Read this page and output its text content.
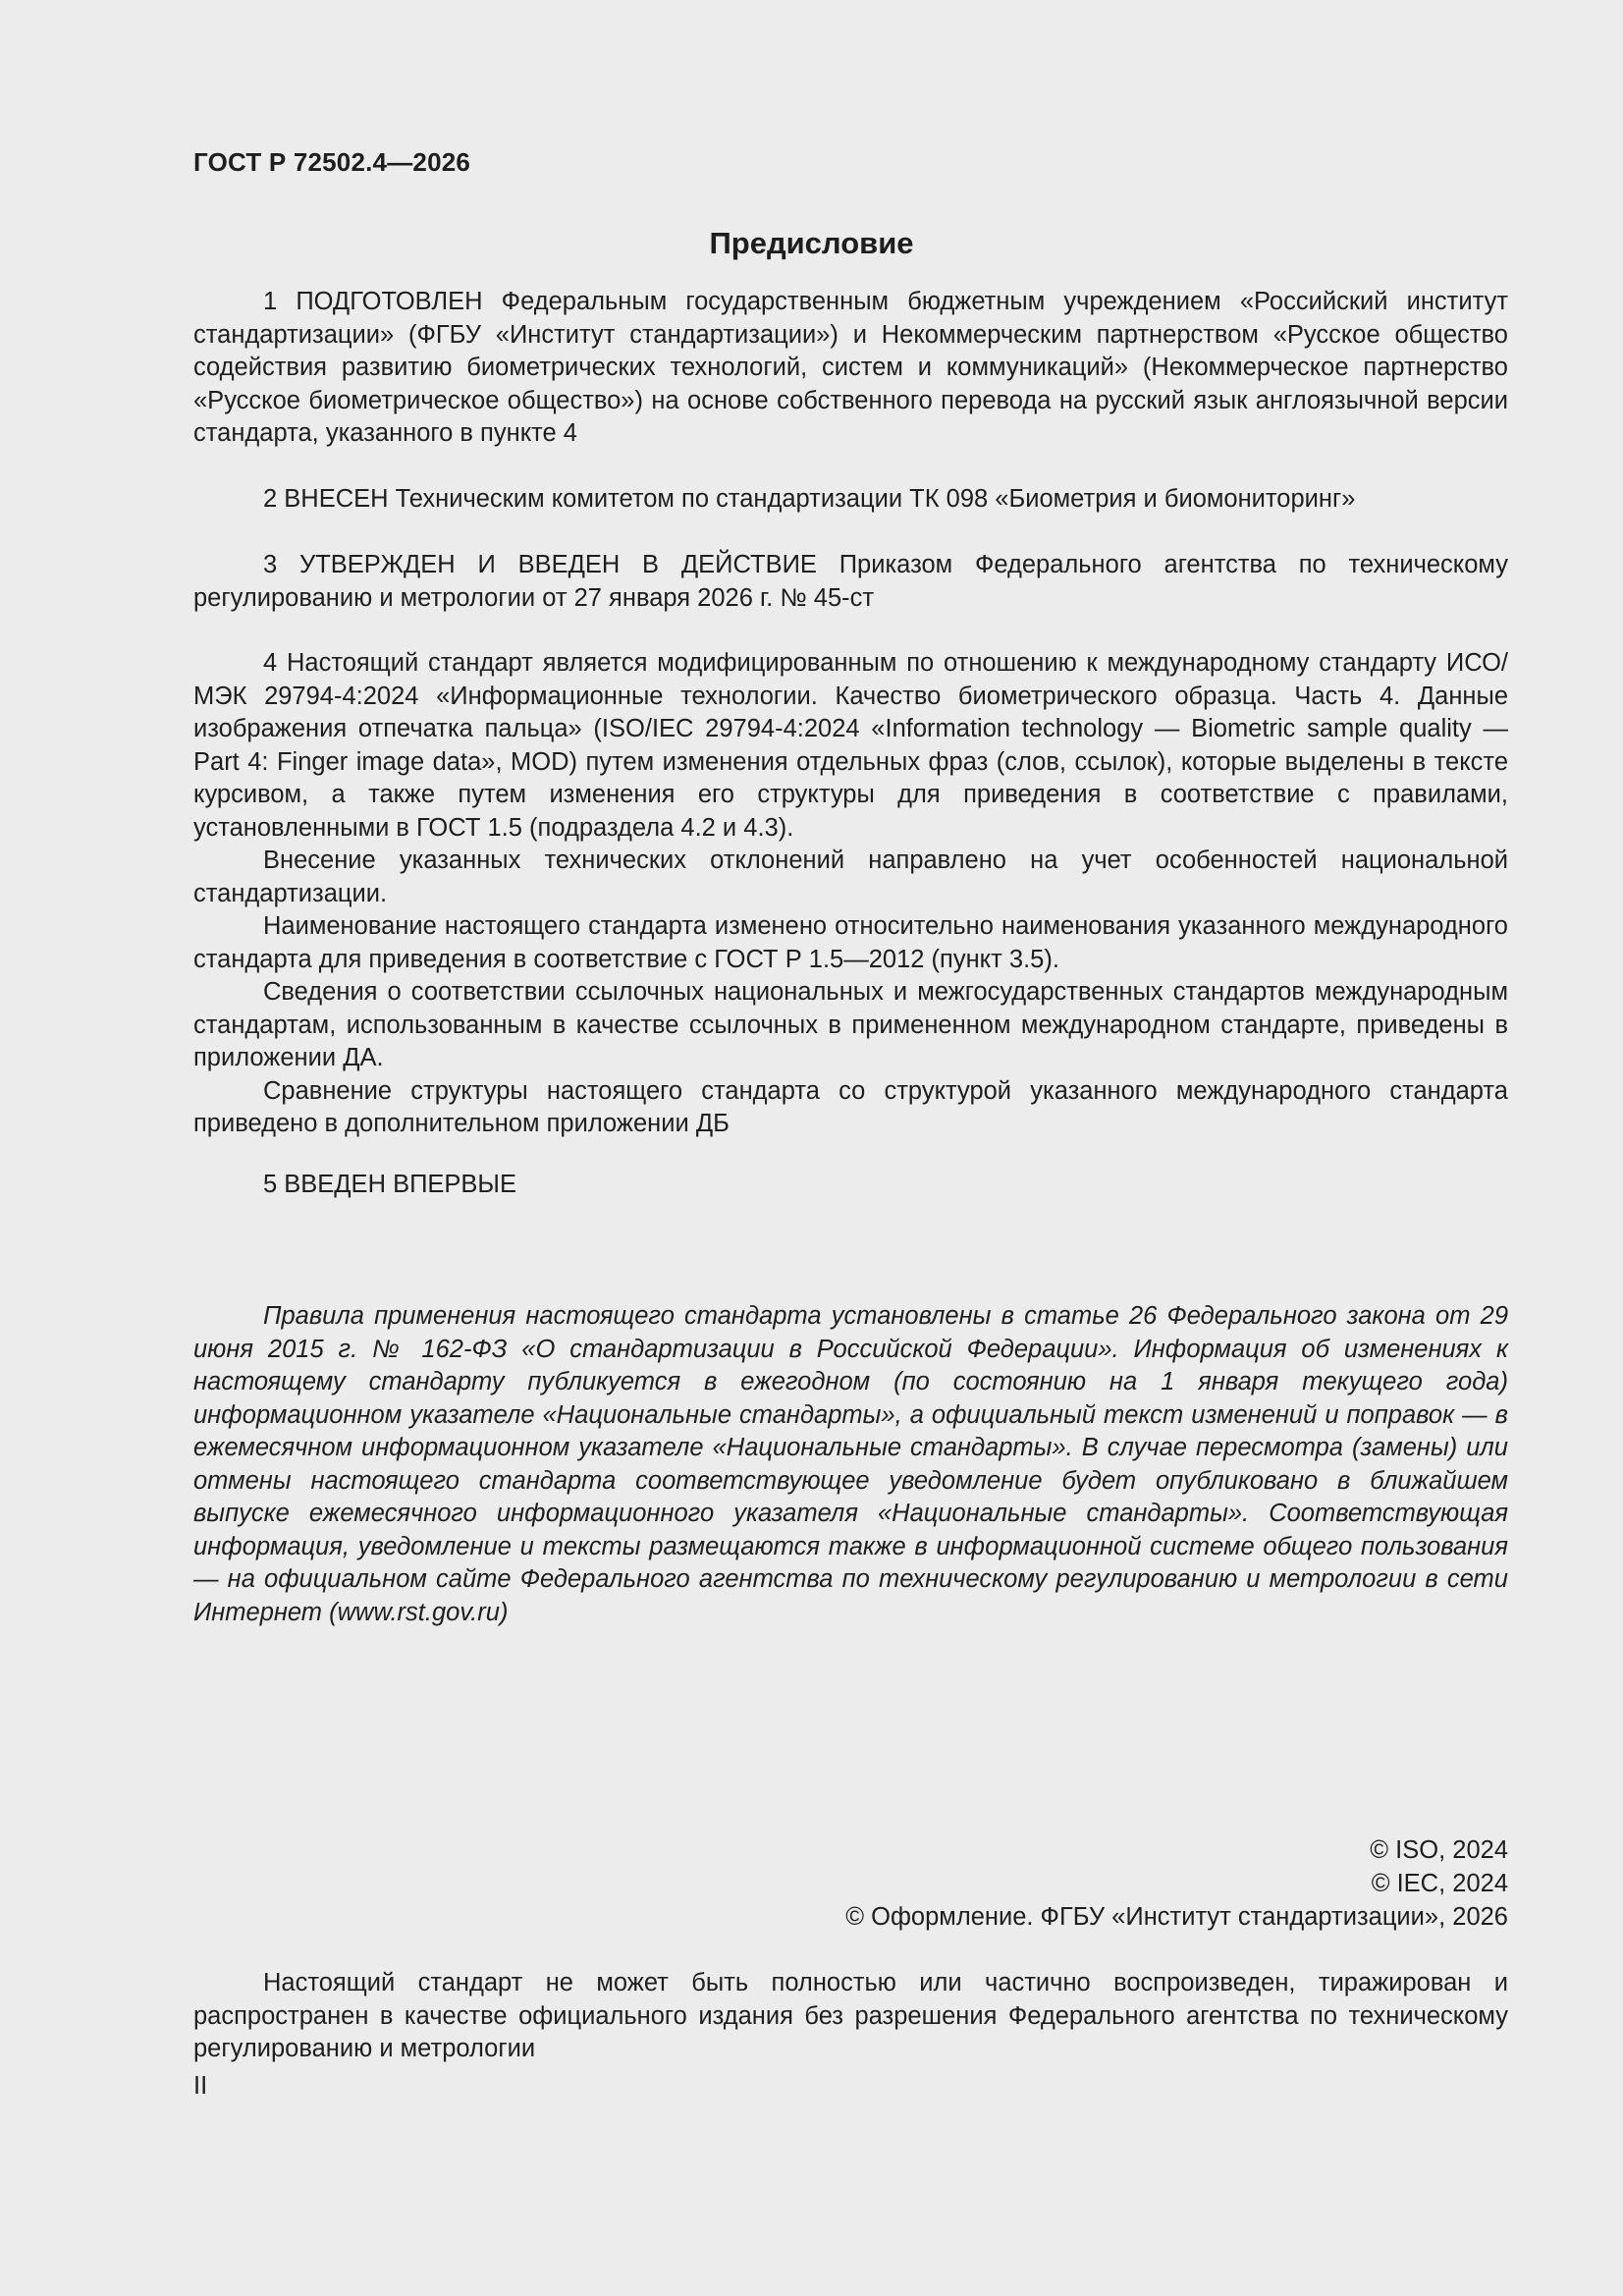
ГОСТ Р 72502.4—2026
Предисловие

1 ПОДГОТОВЛЕН Федеральным государственным бюджетным учреждением «Российский институт стандартизации» (ФГБУ «Институт стандартизации») и Некоммерческим партнерством «Русское общество содействия развитию биометрических технологий, систем и коммуникаций» (Некоммерческое партнерство «Русское биометрическое общество») на основе собственного перевода на русский язык англоязычной версии стандарта, указанного в пункте 4

2 ВНЕСЕН Техническим комитетом по стандартизации ТК 098 «Биометрия и биомониторинг»

3 УТВЕРЖДЕН И ВВЕДЕН В ДЕЙСТВИЕ Приказом Федерального агентства по техническому регулированию и метрологии от 27 января 2026 г. № 45-ст

4 Настоящий стандарт является модифицированным по отношению к международному стандарту ИСО/МЭК 29794-4:2024 «Информационные технологии. Качество биометрического образца. Часть 4. Данные изображения отпечатка пальца» (ISO/IEC 29794-4:2024 «Information technology — Biometric sample quality — Part 4: Finger image data», MOD) путем изменения отдельных фраз (слов, ссылок), которые выделены в тексте курсивом, а также путем изменения его структуры для приведения в соответствие с правилами, установленными в ГОСТ 1.5 (подраздела 4.2 и 4.3).

Внесение указанных технических отклонений направлено на учет особенностей национальной стандартизации.

Наименование настоящего стандарта изменено относительно наименования указанного международного стандарта для приведения в соответствие с ГОСТ Р 1.5—2012 (пункт 3.5).

Сведения о соответствии ссылочных национальных и межгосударственных стандартов международным стандартам, использованным в качестве ссылочных в примененном международном стандарте, приведены в приложении ДА.

Сравнение структуры настоящего стандарта со структурой указанного международного стандарта приведено в дополнительном приложении ДБ

5 ВВЕДЕН ВПЕРВЫЕ

Правила применения настоящего стандарта установлены в статье 26 Федерального закона от 29 июня 2015 г. № 162-ФЗ «О стандартизации в Российской Федерации». Информация об изменениях к настоящему стандарту публикуется в ежегодном (по состоянию на 1 января текущего года) информационном указателе «Национальные стандарты», а официальный текст изменений и поправок — в ежемесячном информационном указателе «Национальные стандарты». В случае пересмотра (замены) или отмены настоящего стандарта соответствующее уведомление будет опубликовано в ближайшем выпуске ежемесячного информационного указателя «Национальные стандарты». Соответствующая информация, уведомление и тексты размещаются также в информационной системе общего пользования — на официальном сайте Федерального агентства по техническому регулированию и метрологии в сети Интернет (www.rst.gov.ru)

© ISO, 2024
© IEC, 2024
© Оформление. ФГБУ «Институт стандартизации», 2026

Настоящий стандарт не может быть полностью или частично воспроизведен, тиражирован и распространен в качестве официального издания без разрешения Федерального агентства по техническому регулированию и метрологии

II
